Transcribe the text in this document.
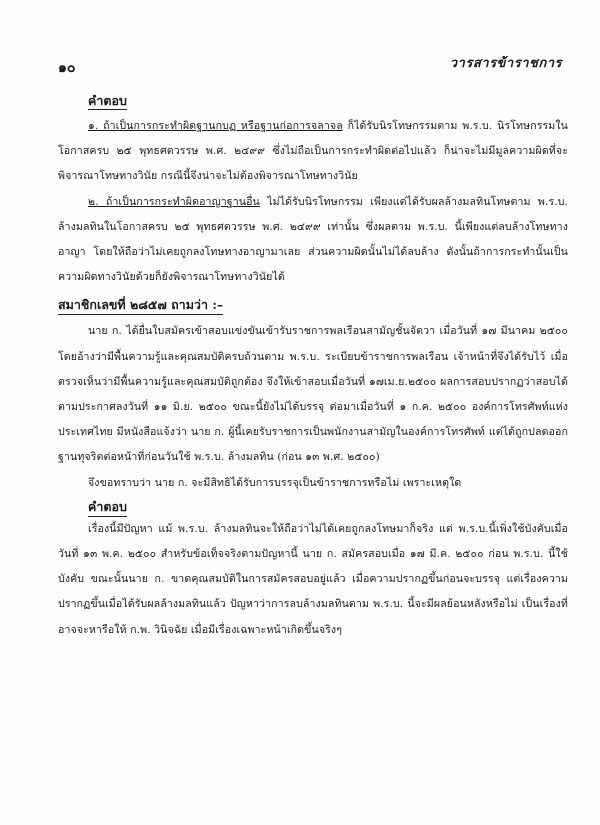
๑๐	วารสารข้าราชการ
คำตอบ

๑. ถ้าเป็นการกระทำผิดฐานกบฏ หรือฐานก่อการจลาจล ก็ได้รับนิรโทษกรรมตาม พ.ร.บ. นิรโทษกรรมในโอกาสครบ ๒๕ พุทธศตวรรษ พ.ศ. ๒๔๙๙ ซึ่งไม่ถือเป็นการกระทำผิดต่อไปแล้ว ก็น่าจะไม่มีมูลความผิดที่จะพิจารณาโทษทางวินัย กรณีนี้จึงน่าจะไม่ต้องพิจารณาโทษทางวินัย

๒. ถ้าเป็นการกระทำผิดอาญาฐานอื่น ไม่ได้รับนิรโทษกรรม เพียงแต่ได้รับผลล้างมลทินโทษตาม พ.ร.บ. ล้างมลทินในโอกาสครบ ๒๕ พุทธศตวรรษ พ.ศ. ๒๔๙๙ เท่านั้น ซึ่งผลตาม พ.ร.บ. นี้เพียงแต่ลบล้างโทษทางอาญา โดยให้ถือว่าไม่เคยถูกลงโทษทางอาญามาเลย ส่วนความผิดนั้นไม่ได้ลบล้าง ดังนั้นถ้าการกระทำนั้นเป็นความผิดทางวินัยด้วยก็ยังพิจารณาโทษทางวินัยได้

สมาชิกเลขที่ ๒๘๕๗ ถามว่า :–

นาย ก. ได้ยื่นใบสมัครเข้าสอบแข่งขันเข้ารับราชการพลเรือนสามัญชั้นจัตวา เมื่อวันที่ ๑๗ มีนาคม ๒๕๐๐ โดยอ้างว่ามีพื้นความรู้และคุณสมบัติครบถ้วนตาม พ.ร.บ. ระเบียบข้าราชการพลเรือน เจ้าหน้าที่จึงได้รับไว้ เมื่อตรวจเห็นว่ามีพื้นความรู้และคุณสมบัติถูกต้อง จึงให้เข้าสอบเมื่อวันที่ ๑๗เม.ย.๒๕๐๐ ผลการสอบปรากฏว่าสอบได้ตามประกาศลงวันที่ ๑๑ มิ.ย. ๒๕๐๐ ขณะนี้ยังไม่ได้บรรจุ ต่อมาเมื่อวันที่ ๑ ก.ค. ๒๕๐๐ องค์การโทรศัพท์แห่งประเทศไทย มีหนังสือแจ้งว่า นาย ก. ผู้นี้เคยรับราชการเป็นพนักงานสามัญในองค์การโทรศัพท์ แต่ได้ถูกปลดออกฐานทุจริตต่อหน้าที่ก่อนวันใช้ พ.ร.บ. ล้างมลทิน (ก่อน ๑๓ พ.ศ. ๒๕๐๐)

จึงขอทราบว่า นาย ก. จะมีสิทธิได้รับการบรรจุเป็นข้าราชการหรือไม่ เพราะเหตุใด

คำตอบ

เรื่องนี้มีปัญหา แม้ พ.ร.บ. ล้างมลทินจะให้ถือว่าไม่ได้เคยถูกลงโทษมาก็จริง แต่ พ.ร.บ.นี้เพิ่งใช้บังคับเมื่อวันที่ ๑๓ พ.ค. ๒๕๐๐ สำหรับข้อเท็จจริงตามปัญหานี้ นาย ก. สมัครสอบเมื่อ ๑๗ มี.ค. ๒๕๐๐ ก่อน พ.ร.บ. นี้ใช้บังคับ ขณะนั้นนาย ก. ขาดคุณสมบัติในการสมัครสอบอยู่แล้ว เมื่อความปรากฏขึ้นก่อนจะบรรจุ แต่เรื่องความปรากฏขึ้นเมื่อได้รับผลล้างมลทินแล้ว ปัญหาว่าการลบล้างมลทินตาม พ.ร.บ. นี้จะมีผลย้อนหลังหรือไม่ เป็นเรื่องที่อาจจะหารือให้ ก.พ. วินิจฉัย เมื่อมีเรื่องเฉพาะหน้าเกิดขึ้นจริงๆ
